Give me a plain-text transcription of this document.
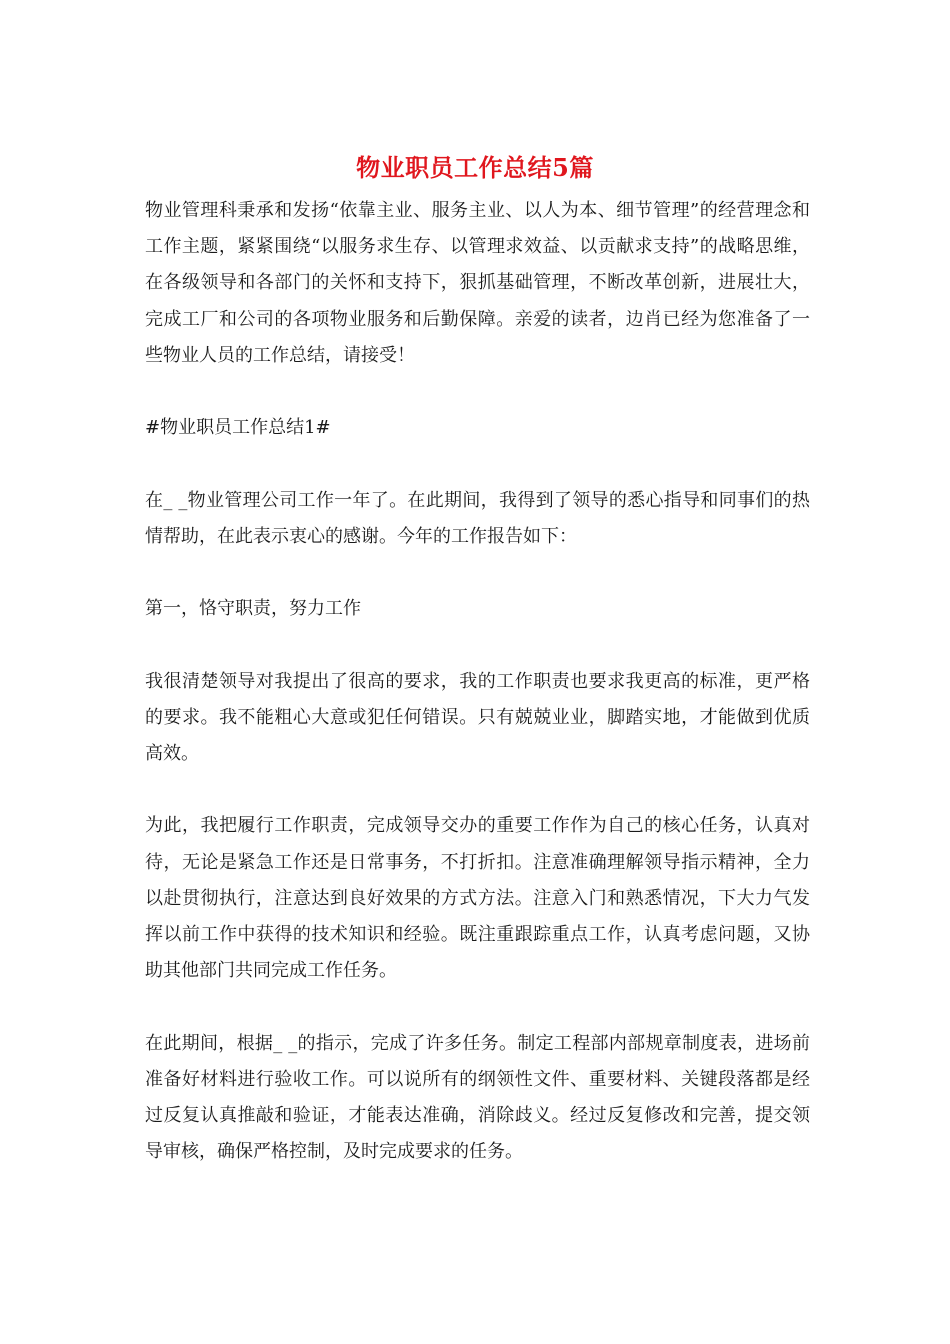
物业职员工作总结5篇

物业管理科秉承和发扬“依靠主业、服务主业、以人为本、细节管理”的经营理念和工作主题，紧紧围绕“以服务求生存、以管理求效益、以贡献求支持”的战略思维，在各级领导和各部门的关怀和支持下，狠抓基础管理，不断改革创新，进展壮大，完成工厂和公司的各项物业服务和后勤保障。亲爱的读者，边肖已经为您准备了一些物业人员的工作总结，请接受！

#物业职员工作总结1#

在_ _物业管理公司工作一年了。在此期间，我得到了领导的悉心指导和同事们的热情帮助，在此表示衷心的感谢。今年的工作报告如下：

第一，恪守职责，努力工作

我很清楚领导对我提出了很高的要求，我的工作职责也要求我更高的标准，更严格的要求。我不能粗心大意或犯任何错误。只有兢兢业业，脚踏实地，才能做到优质高效。

为此，我把履行工作职责，完成领导交办的重要工作作为自己的核心任务，认真对待，无论是紧急工作还是日常事务，不打折扣。注意准确理解领导指示精神，全力以赴贯彻执行，注意达到良好效果的方式方法。注意入门和熟悉情况，下大力气发挥以前工作中获得的技术知识和经验。既注重跟踪重点工作，认真考虑问题，又协助其他部门共同完成工作任务。

在此期间，根据_ _的指示，完成了许多任务。制定工程部内部规章制度表，进场前准备好材料进行验收工作。可以说所有的纲领性文件、重要材料、关键段落都是经过反复认真推敲和验证，才能表达准确，消除歧义。经过反复修改和完善，提交领导审核，确保严格控制，及时完成要求的任务。
